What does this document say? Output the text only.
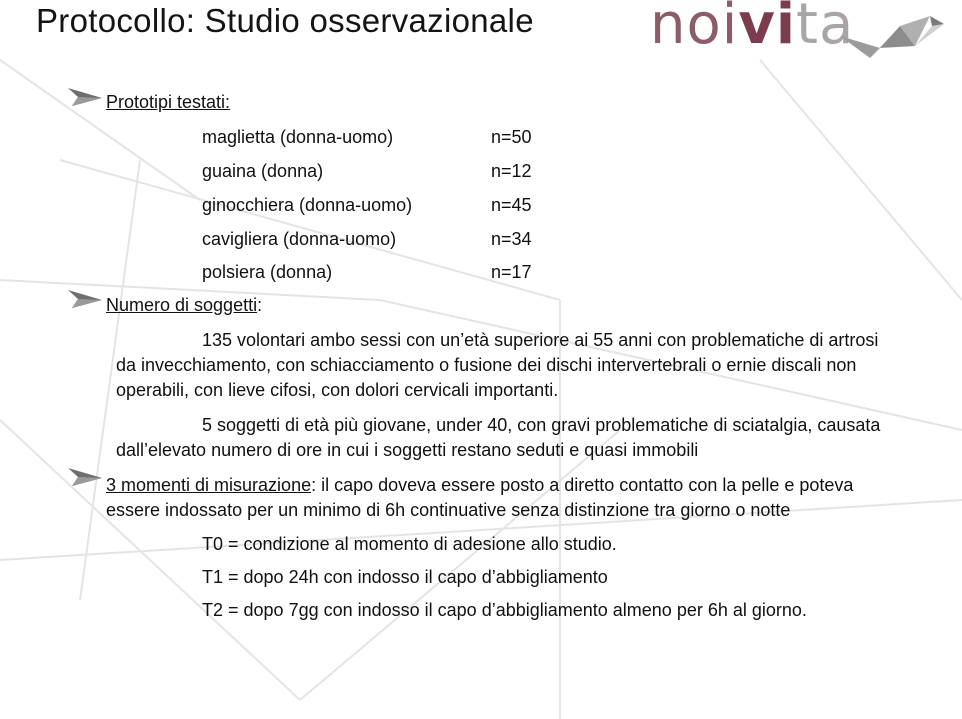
Protocollo: Studio osservazionale noivita
Prototipi testati:
maglietta (donna-uomo)	n=50
guaina (donna)	n=12
ginocchiera (donna-uomo)	n=45
cavigliera (donna-uomo)	n=34
polsiera (donna)	n=17
Numero di soggetti:
135 volontari ambo sessi con un’età superiore ai 55 anni con problematiche di artrosi
da invecchiamento, con schiacciamento o fusione dei dischi intervertebrali o ernie discali non
operabili, con lieve cifosi, con dolori cervicali importanti.
5 soggetti di età più giovane, under 40, con gravi problematiche di sciatalgia, causata
dall’elevato numero di ore in cui i soggetti restano seduti e quasi immobili
3 momenti di misurazione: il capo doveva essere posto a diretto contatto con la pelle e poteva
essere indossato per un minimo di 6h continuative senza distinzione tra giorno o notte
T0 = condizione al momento di adesione allo studio.
T1 = dopo 24h con indosso il capo d’abbigliamento
T2 = dopo 7gg con indosso il capo d’abbigliamento almeno per 6h al giorno.
